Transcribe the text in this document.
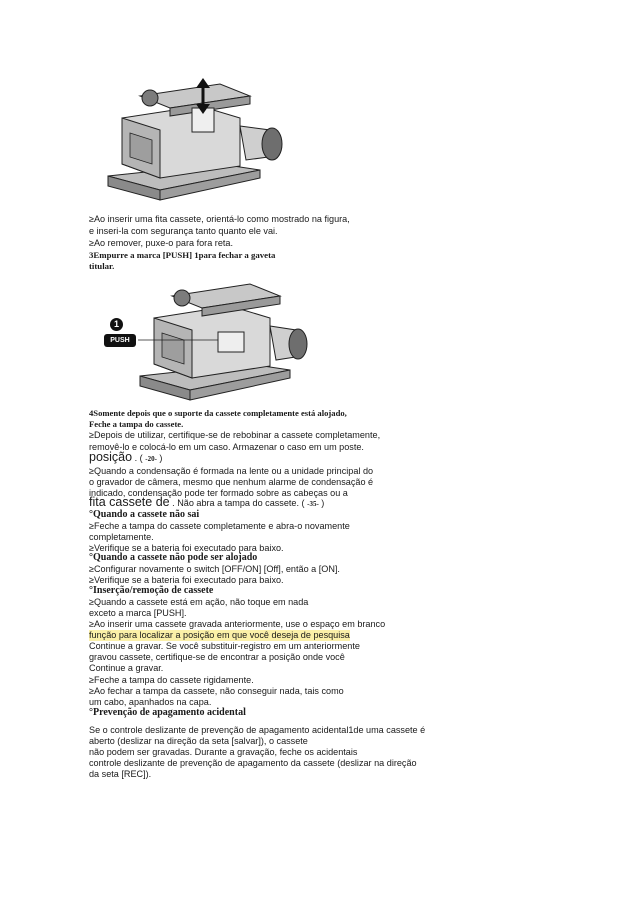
≥Ao inserir uma fita cassete, orientá-lo como mostrado na figura,
e inseri-la com segurança tanto quanto ele vai.
≥Ao remover, puxe-o para fora reta.
3Empurre a marca [PUSH] 1para fechar a gaveta
titular.
1
PUSH
4Somente depois que o suporte da cassete completamente está alojado,
Feche a tampa do cassete.
≥Depois de utilizar, certifique-se de rebobinar a cassete completamente,
removê-lo e colocá-lo em um caso. Armazenar o caso em um poste.
posição . ( -20- )
≥Quando a condensação é formada na lente ou a unidade principal do
o gravador de câmera, mesmo que nenhum alarme de condensação é
indicado, condensação pode ter formado sobre as cabeças ou a
fita cassete de . Não abra a tampa do cassete. ( -35- )
°Quando a cassete não sai
≥Feche a tampa do cassete completamente e abra-o novamente
completamente.
≥Verifique se a bateria foi executado para baixo.
°Quando a cassete não pode ser alojado
≥Configurar novamente o switch [OFF/ON] [Off], então a [ON].
≥Verifique se a bateria foi executado para baixo.
°Inserção/remoção de cassete
≥Quando a cassete está em ação, não toque em nada
exceto a marca [PUSH].
≥Ao inserir uma cassete gravada anteriormente, use o espaço em branco
função para localizar a posição em que você deseja de pesquisa
Continue a gravar. Se você substituir-registro em um anteriormente
gravou cassete, certifique-se de encontrar a posição onde você
Continue a gravar.
≥Feche a tampa do cassete rigidamente.
≥Ao fechar a tampa da cassete, não conseguir nada, tais como
um cabo, apanhados na capa.
°Prevenção de apagamento acidental
Se o controle deslizante de prevenção de apagamento acidental1de uma cassete é
aberto (deslizar na direção da seta [salvar]), o cassete
não podem ser gravadas. Durante a gravação, feche os acidentais
controle deslizante de prevenção de apagamento da cassete (deslizar na direção
da seta [REC]).
